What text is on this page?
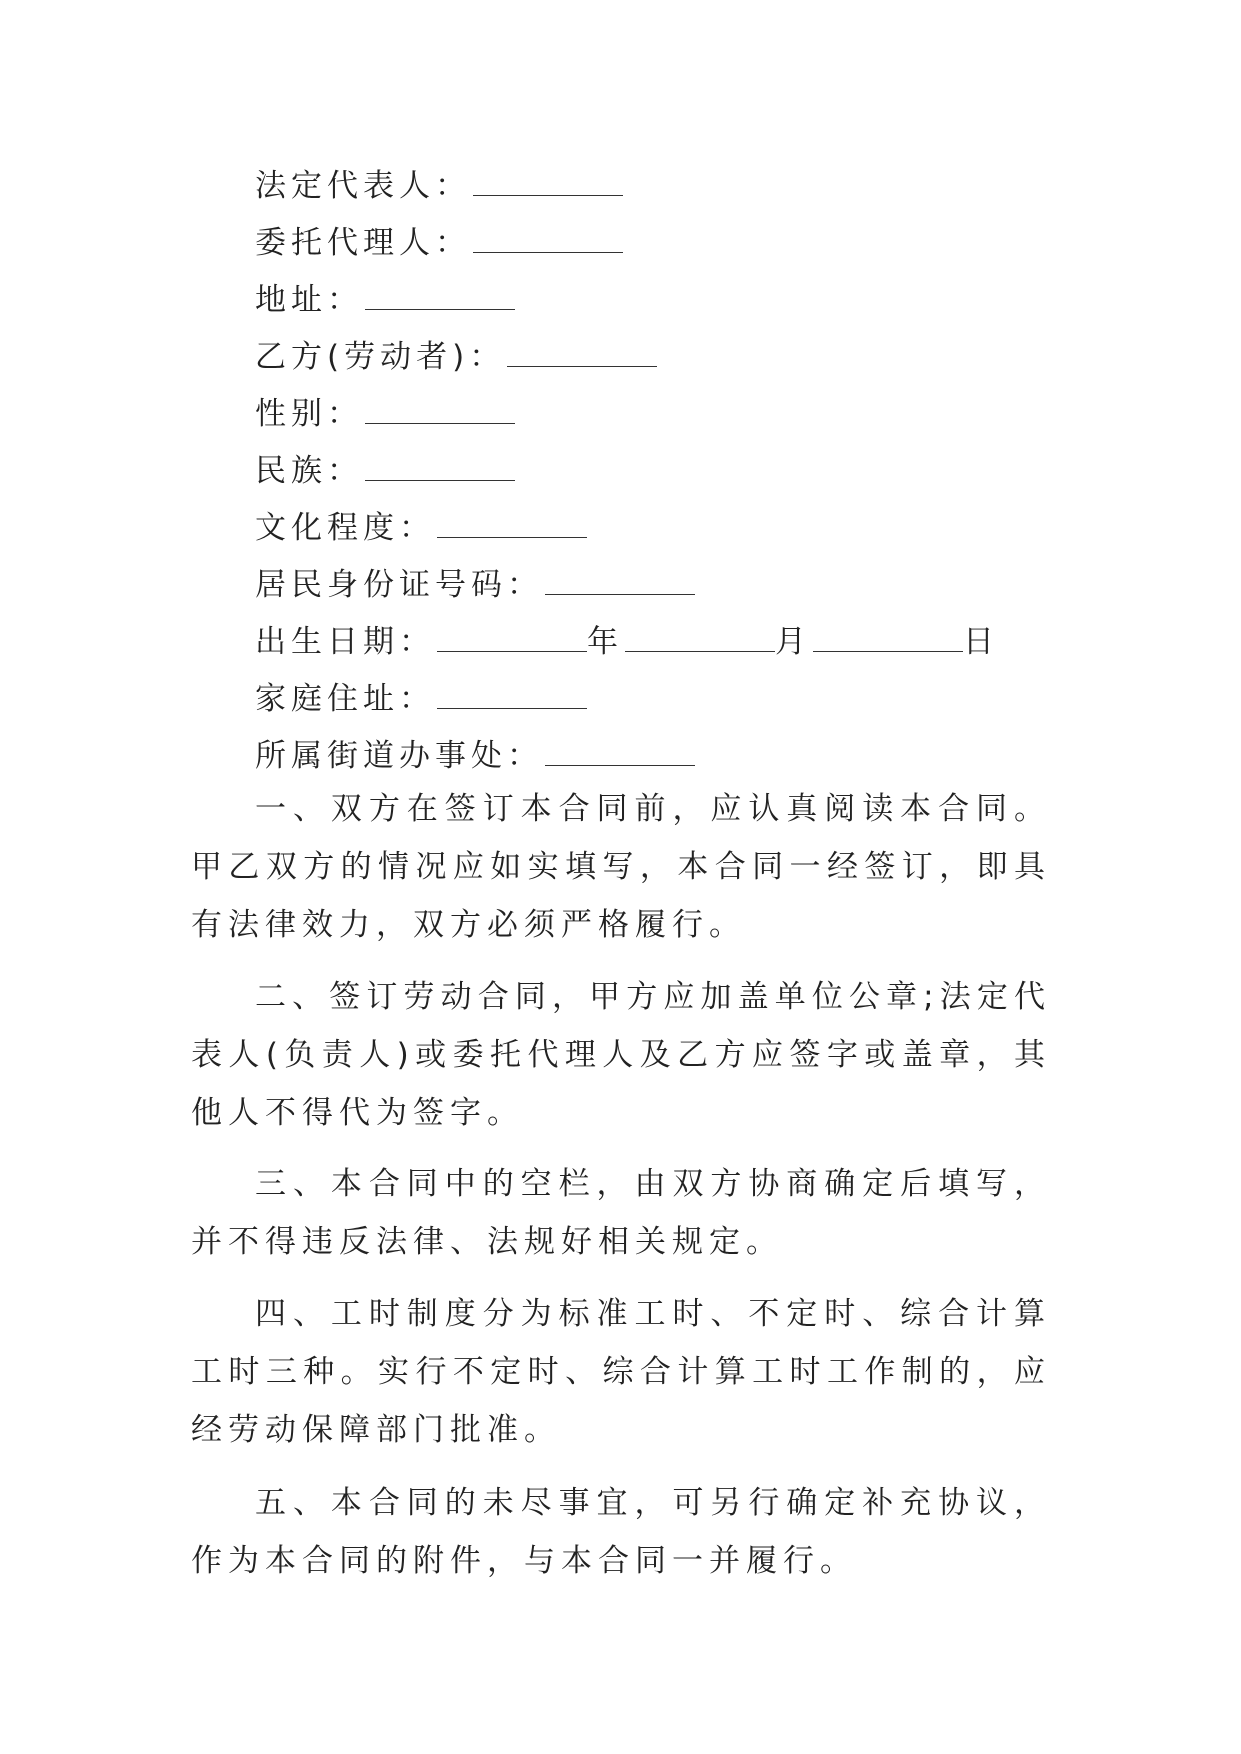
法定代表人：
委托代理人：
地址：
乙方(劳动者)：
性别：
民族：
文化程度：
居民身份证号码：
出生日期：	年	月	日
家庭住址：
所属街道办事处：

一、双方在签订本合同前，应认真阅读本合同。甲乙双方的情况应如实填写，本合同一经签订，即具有法律效力，双方必须严格履行。

二、签订劳动合同，甲方应加盖单位公章;法定代表人(负责人)或委托代理人及乙方应签字或盖章，其他人不得代为签字。

三、本合同中的空栏，由双方协商确定后填写，并不得违反法律、法规好相关规定。

四、工时制度分为标准工时、不定时、综合计算工时三种。实行不定时、综合计算工时工作制的，应经劳动保障部门批准。

五、本合同的未尽事宜，可另行确定补充协议，作为本合同的附件，与本合同一并履行。
